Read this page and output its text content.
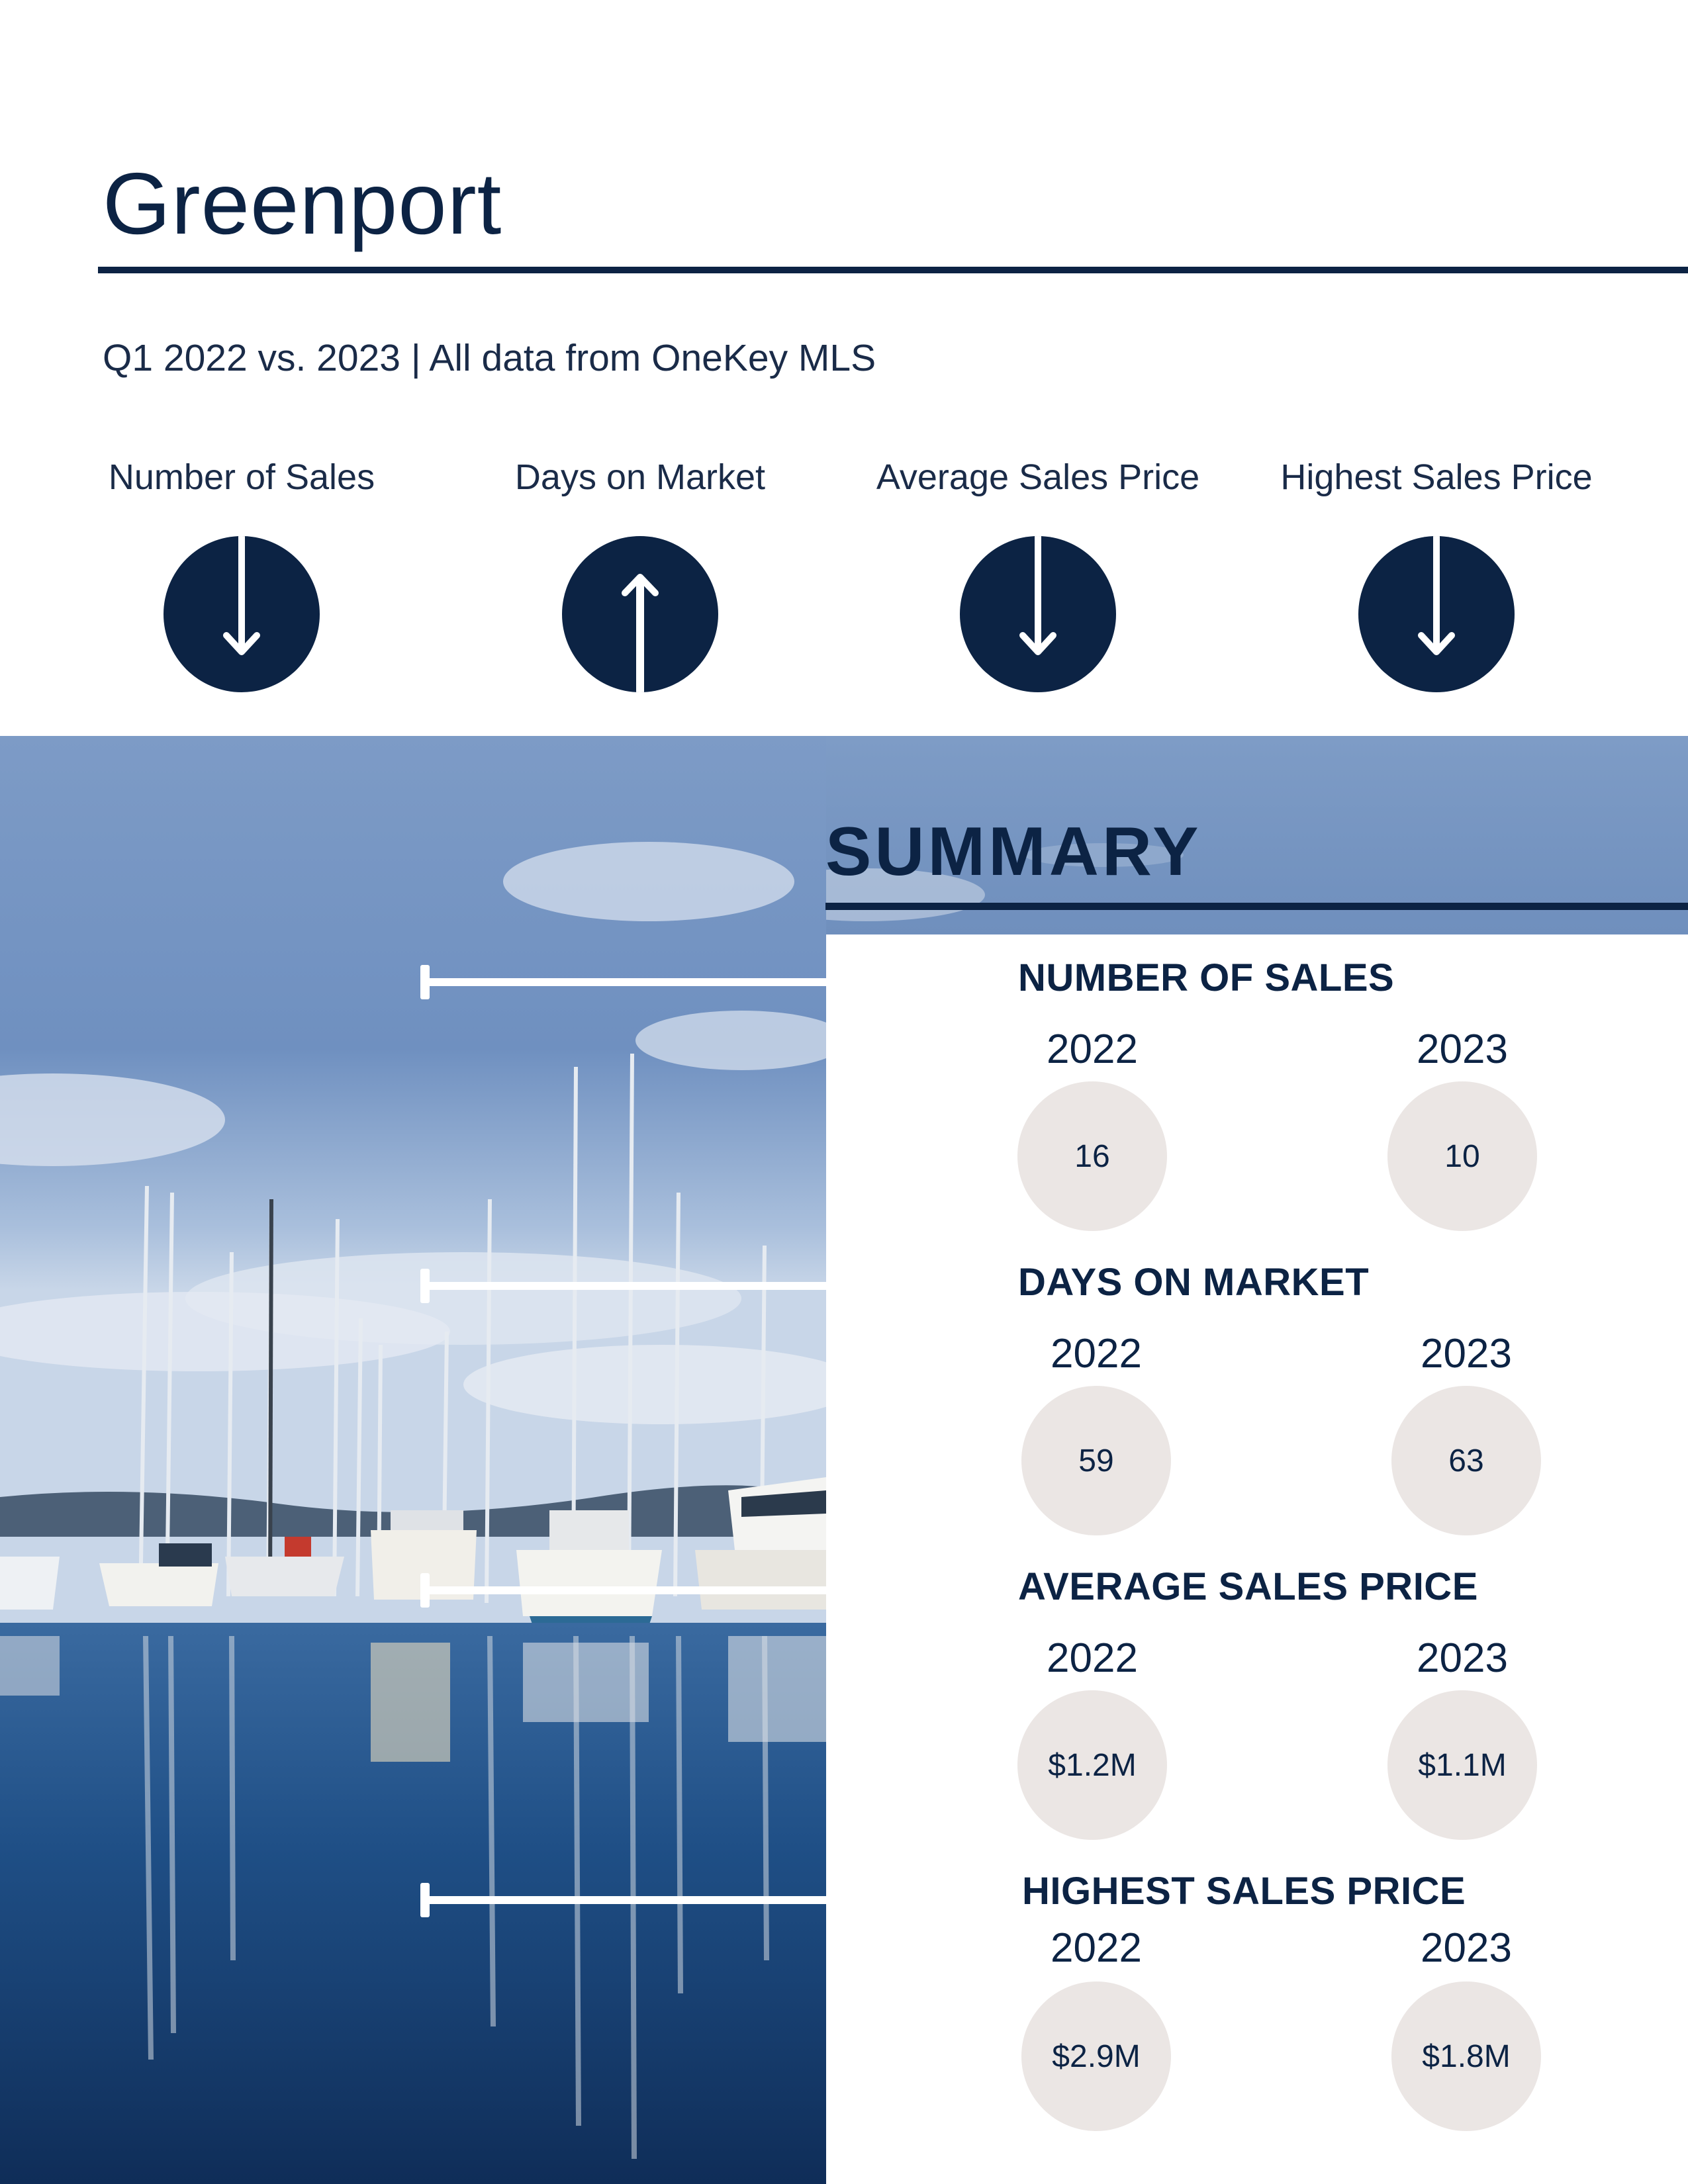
Greenport
Q1 2022 vs. 2023 | All data from OneKey MLS
Number of Sales	Days on Market	Average Sales Price	Highest Sales Price
SUMMARY
NUMBER OF SALES
2022	2023
16	10
DAYS ON MARKET
2022	2023
59	63
AVERAGE SALES PRICE
2022	2023
$1.2M	$1.1M
HIGHEST SALES PRICE
2022	2023
$2.9M	$1.8M
